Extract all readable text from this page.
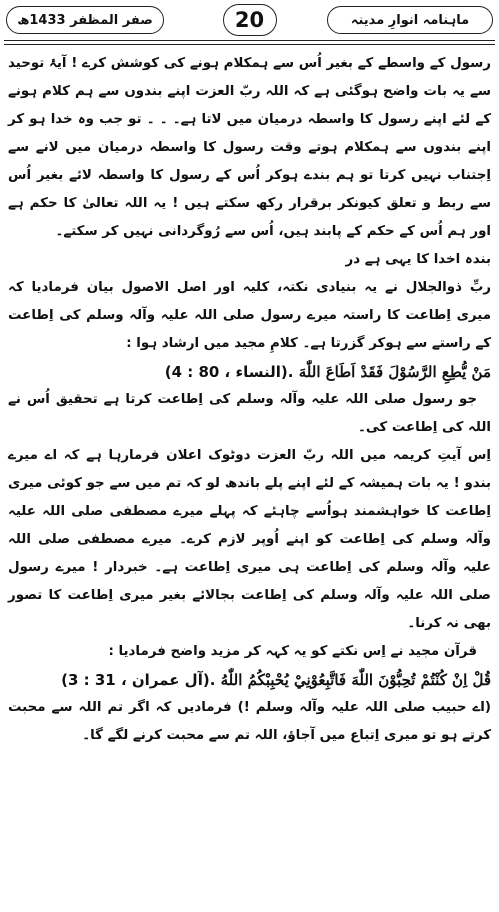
صفر المظفر 1433ھ	20	ماہنامہ انوارِ مدینہ

رسول کے واسطے کے بغیر اُس سے ہمکلام ہونے کی کوشش کرے ! آیۂ توحید سے یہ بات واضح ہوگئی ہے کہ اللہ ربّ العزت اپنے بندوں سے ہم کلام ہونے کے لئے اپنے رسول کا واسطہ درمیان میں لاتا ہے۔ ۔ ۔ تو جب وہ خدا ہو کر اپنے بندوں سے ہمکلام ہوتے وقت رسول کا واسطہ درمیان میں لانے سے اِجتناب نہیں کرتا تو ہم بندے ہوکر اُس کے رسول کا واسطہ لائے بغیر اُس سے ربط و تعلق کیونکر برقرار رکھ سکتے ہیں ! یہ اللہ تعالیٰ کا حکم ہے اور ہم اُس کے حکم کے پابند ہیں، اُس سے رُوگردانی نہیں کر سکتے۔

بندہ اخدا کا یہی ہے در

ربِّ ذوالجلال نے یہ بنیادی نکتہ، کلیہ اور اصل الاصول بیان فرمادیا کہ میری اِطاعت کا راستہ میرے رسول صلی اللہ علیہ وآلہ وسلم کی اِطاعت کے راستے سے ہوکر گزرتا ہے۔ کلامِ مجید میں ارشاد ہوا :

مَنْ يُّطِعِ الرَّسُوْلَ فَقَدْ اَطَاعَ اللّٰهَ .(النساء ، 80 : 4)

جو رسول صلی اللہ علیہ وآلہ وسلم کی اِطاعت کرتا ہے تحقیق اُس نے اللہ کی اِطاعت کی۔

اِس آیتِ کریمہ میں اللہ ربّ العزت دوٹوک اعلان فرمارہا ہے کہ اے میرے بندو ! یہ بات ہمیشہ کے لئے اپنے پلے باندھ لو کہ تم میں سے جو کوئی میری اِطاعت کا خواہشمند ہواُسے چاہئے کہ پہلے میرے مصطفی صلی اللہ علیہ وآلہ وسلم کی اِطاعت کو اپنے اُوپر لازم کرے۔ میرے مصطفی صلی اللہ علیہ وآلہ وسلم کی اِطاعت ہی میری اِطاعت ہے۔ خبردار ! میرے رسول صلی اللہ علیہ وآلہ وسلم کی اِطاعت بجالائے بغیر میری اِطاعت کا تصور بھی نہ کرنا۔

قرآن مجید نے اِس نکتے کو یہ کہہ کر مزید واضح فرمادیا :

قُلْ اِنْ كُنْتُمْ تُحِبُّوْنَ اللّٰهَ فَاتَّبِعُوْنِيْ يُحْبِبْكُمُ اللّٰهُ .(آل عمران ، 31 : 3)

(اے حبیب صلی اللہ علیہ وآلہ وسلم !) فرمادیں کہ اگر تم اللہ سے محبت کرتے ہو تو میری اِتباع میں آجاؤ، اللہ تم سے محبت کرنے لگے گا۔
